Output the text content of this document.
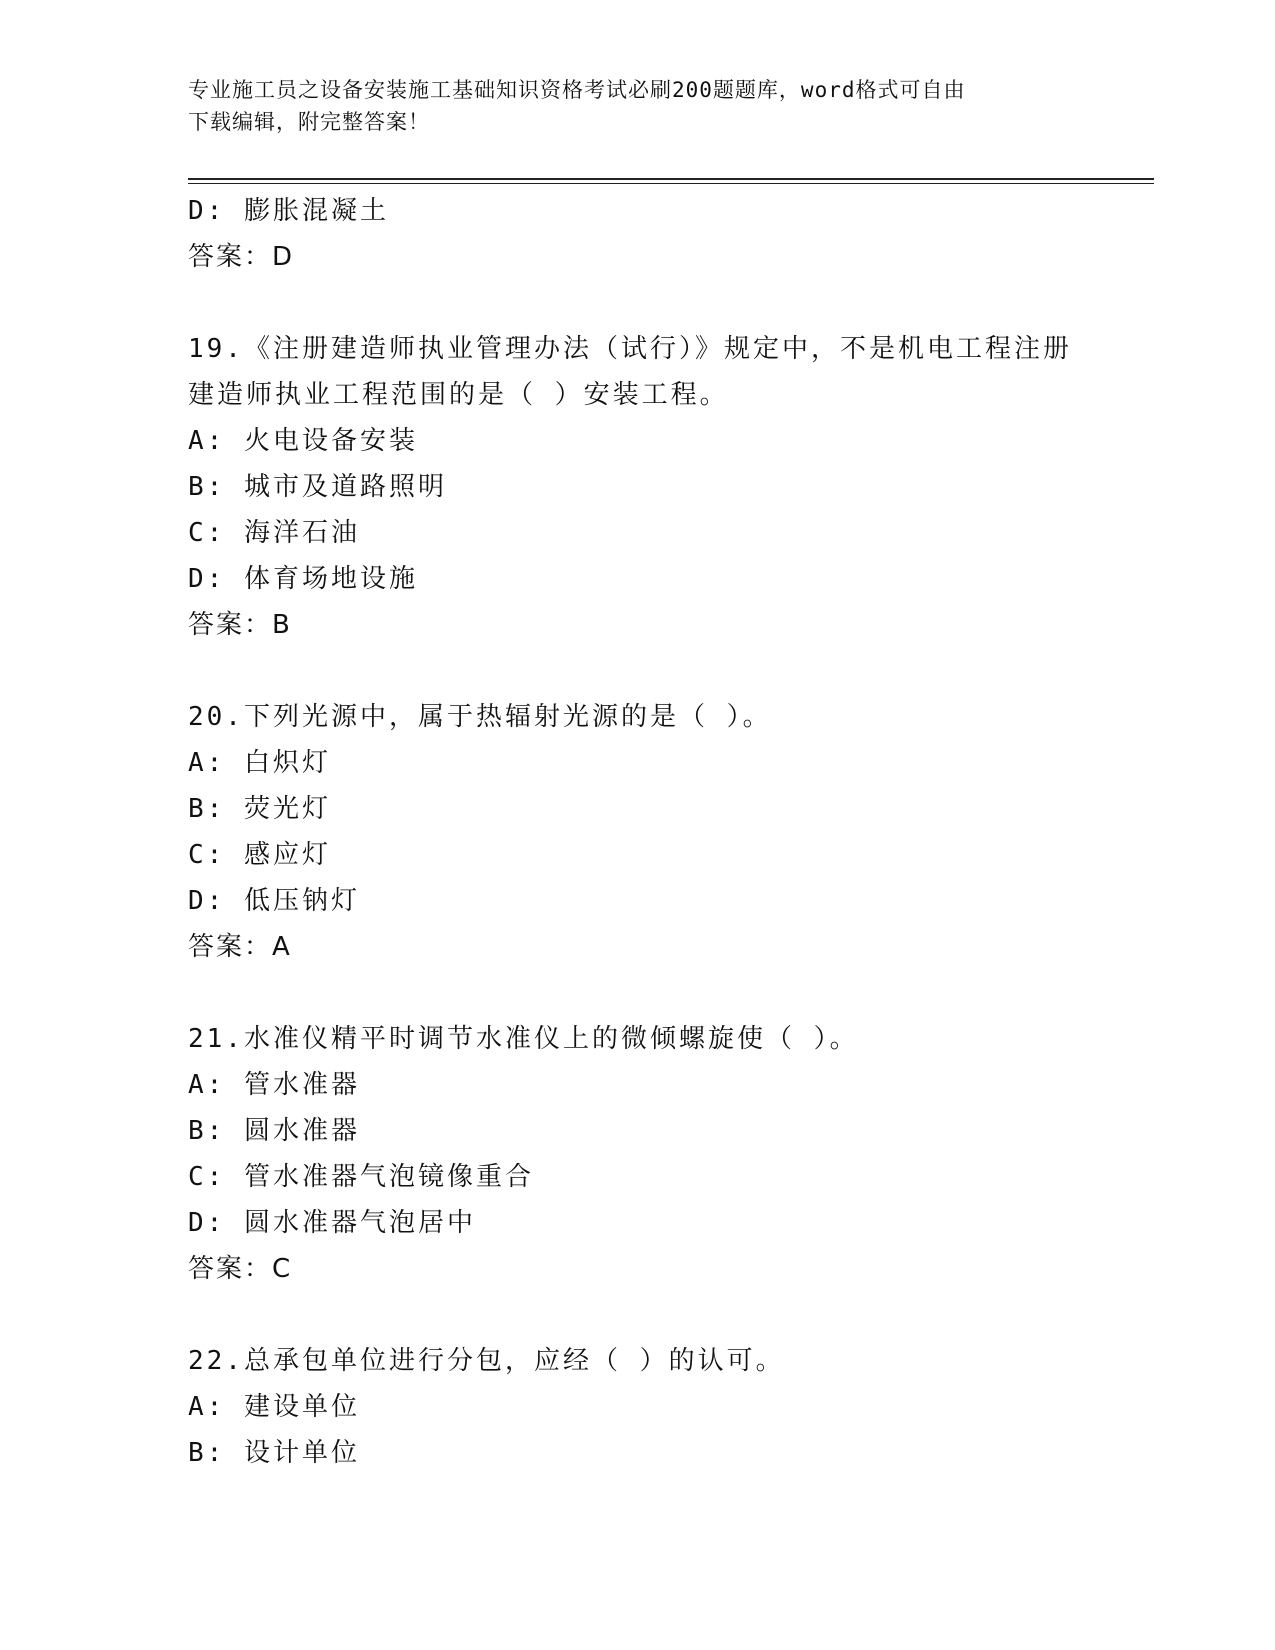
专业施工员之设备安装施工基础知识资格考试必刷200题题库，word格式可自由
下载编辑，附完整答案！
D: 膨胀混凝土
答案：D
19.《注册建造师执业管理办法（试行）》规定中，不是机电工程注册
建造师执业工程范围的是（ ）安装工程。
A: 火电设备安装
B: 城市及道路照明
C: 海洋石油
D: 体育场地设施
答案：B
20.下列光源中，属于热辐射光源的是（ ）。
A: 白炽灯
B: 荧光灯
C: 感应灯
D: 低压钠灯
答案：A
21.水准仪精平时调节水准仪上的微倾螺旋使（ ）。
A: 管水准器
B: 圆水准器
C: 管水准器气泡镜像重合
D: 圆水准器气泡居中
答案：C
22.总承包单位进行分包，应经（ ）的认可。
A: 建设单位
B: 设计单位
